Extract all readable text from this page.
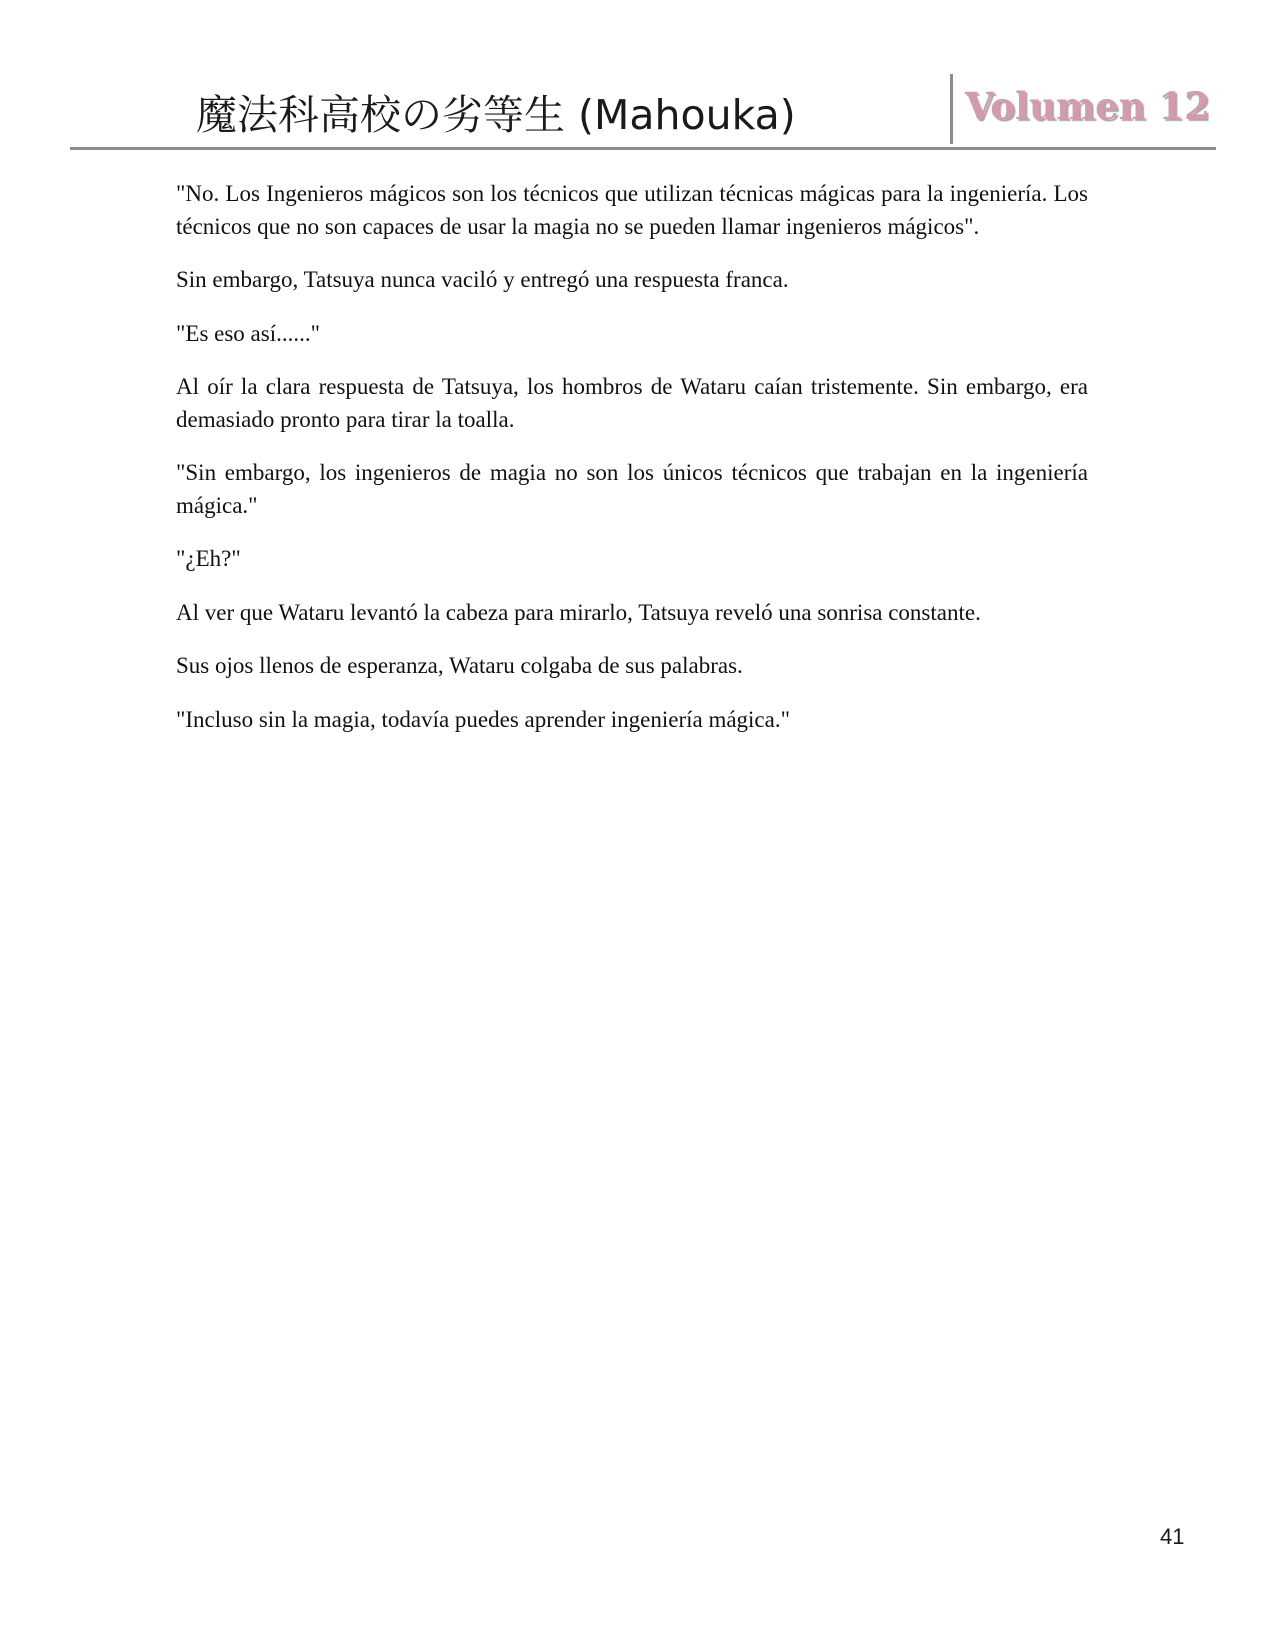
魔法科高校の劣等生 (Mahouka)	Volumen 12

"No. Los Ingenieros mágicos son los técnicos que utilizan técnicas mágicas para la ingeniería. Los técnicos que no son capaces de usar la magia no se pueden llamar ingenieros mágicos".

Sin embargo, Tatsuya nunca vaciló y entregó una respuesta franca.

"Es eso así......"

Al oír la clara respuesta de Tatsuya, los hombros de Wataru caían tristemente. Sin embargo, era demasiado pronto para tirar la toalla.

"Sin embargo, los ingenieros de magia no son los únicos técnicos que trabajan en la ingeniería mágica."

"¿Eh?"

Al ver que Wataru levantó la cabeza para mirarlo, Tatsuya reveló una sonrisa constante.

Sus ojos llenos de esperanza, Wataru colgaba de sus palabras.

"Incluso sin la magia, todavía puedes aprender ingeniería mágica."

41
